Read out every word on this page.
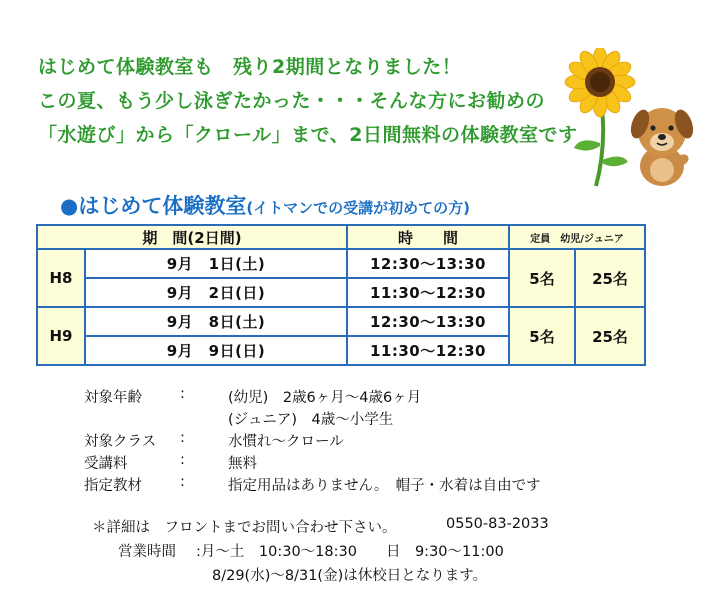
はじめて体験教室も　残り2期間となりました！
この夏、もう少し泳ぎたかった・・・そんな方にお勧めの
「水遊び」から「クロール」まで、2日間無料の体験教室です
●はじめて体験教室(イトマンでの受講が初めての方)
期　間(2日間)		時　　間	定員　幼児/ジュニア	
H8	9月　1日(土)	12:30〜13:30	5名	25名
	9月　2日(日)	11:30〜12:30		
H9	9月　8日(土)	12:30〜13:30	5名	25名
	9月　9日(日)	11:30〜12:30		
対象年齢	:	(幼児)　2歳6ヶ月〜4歳6ヶ月
(ジュニア)　4歳〜小学生
対象クラス :	水慣れ〜クロール
受講料	:	無料
指定教材	:	指定用品はありません。　帽子・水着は自由です
＊詳細は　フロントまでお問い合わせ下さい。	0550-83-2033
営業時間 :月〜土　10:30〜18:30　　日　9:30〜11:00
8/29(水)〜8/31(金)は休校日となります。
